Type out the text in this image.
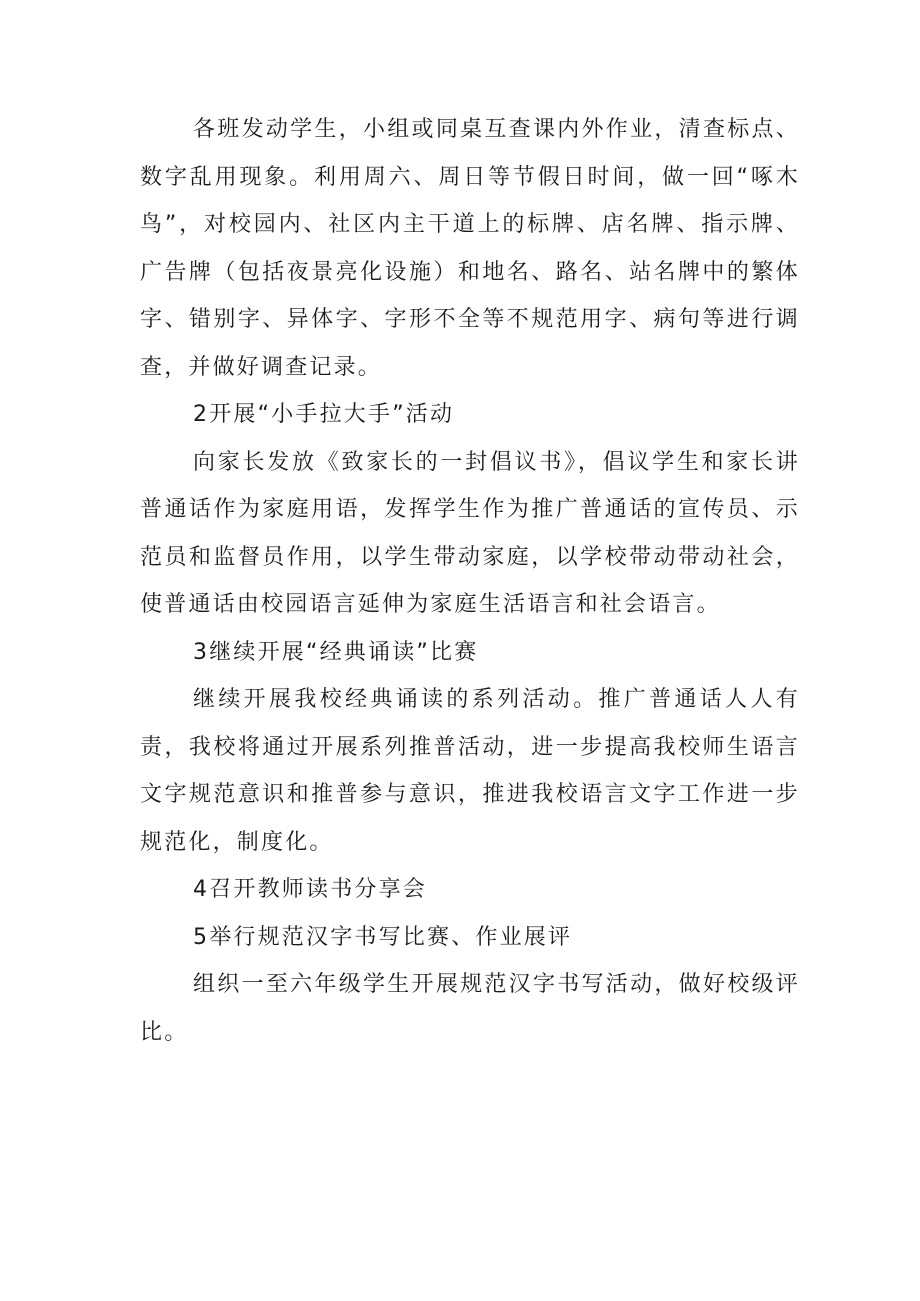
各班发动学生，小组或同桌互查课内外作业，清查标点、数字乱用现象。利用周六、周日等节假日时间，做一回“啄木鸟”，对校园内、社区内主干道上的标牌、店名牌、指示牌、广告牌（包括夜景亮化设施）和地名、路名、站名牌中的繁体字、错别字、异体字、字形不全等不规范用字、病句等进行调查，并做好调查记录。

2开展“小手拉大手”活动

向家长发放《致家长的一封倡议书》，倡议学生和家长讲普通话作为家庭用语，发挥学生作为推广普通话的宣传员、示范员和监督员作用，以学生带动家庭，以学校带动带动社会，使普通话由校园语言延伸为家庭生活语言和社会语言。

3继续开展“经典诵读”比赛

继续开展我校经典诵读的系列活动。推广普通话人人有责，我校将通过开展系列推普活动，进一步提高我校师生语言文字规范意识和推普参与意识，推进我校语言文字工作进一步规范化，制度化。

4召开教师读书分享会

5举行规范汉字书写比赛、作业展评

组织一至六年级学生开展规范汉字书写活动，做好校级评比。
